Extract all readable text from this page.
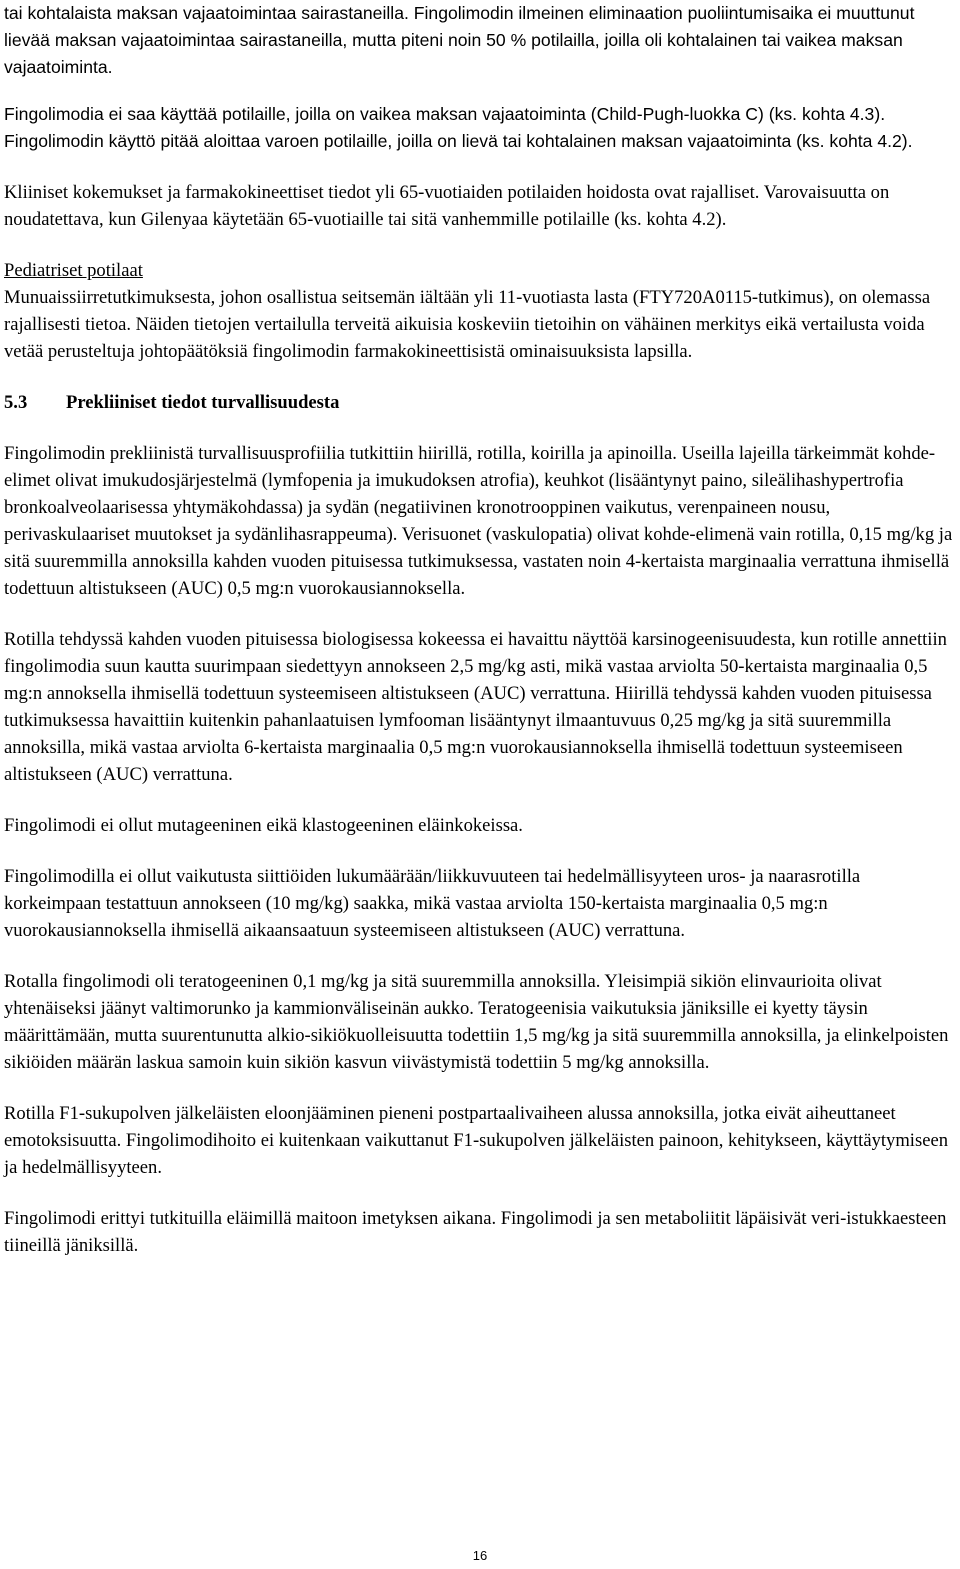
tai kohtalaista maksan vajaatoimintaa sairastaneilla. Fingolimodin ilmeinen eliminaation puoliintumisaika ei muuttunut lievää maksan vajaatoimintaa sairastaneilla, mutta piteni noin 50 % potilailla, joilla oli kohtalainen tai vaikea maksan vajaatoiminta.

Fingolimodia ei saa käyttää potilaille, joilla on vaikea maksan vajaatoiminta (Child-Pugh-luokka C) (ks. kohta 4.3). Fingolimodin käyttö pitää aloittaa varoen potilaille, joilla on lievä tai kohtalainen maksan vajaatoiminta (ks. kohta 4.2).

Kliiniset kokemukset ja farmakokineettiset tiedot yli 65-vuotiaiden potilaiden hoidosta ovat rajalliset. Varovaisuutta on noudatettava, kun Gilenyaa käytetään 65-vuotiaille tai sitä vanhemmille potilaille (ks. kohta 4.2).

Pediatriset potilaat

Munuaissiirretutkimuksesta, johon osallistua seitsemän iältään yli 11-vuotiasta lasta (FTY720A0115-tutkimus), on olemassa rajallisesti tietoa. Näiden tietojen vertailulla terveitä aikuisia koskeviin tietoihin on vähäinen merkitys eikä vertailusta voida vetää perusteltuja johtopäätöksiä fingolimodin farmakokineettisistä ominaisuuksista lapsilla.

5.3	Prekliiniset tiedot turvallisuudesta

Fingolimodin prekliinistä turvallisuusprofiilia tutkittiin hiirillä, rotilla, koirilla ja apinoilla. Useilla lajeilla tärkeimmät kohde-elimet olivat imukudosjärjestelmä (lymfopenia ja imukudoksen atrofia), keuhkot (lisääntynyt paino, sileälihashypertrofia bronkoalveolaarisessa yhtymäkohdassa) ja sydän (negatiivinen kronotrooppinen vaikutus, verenpaineen nousu, perivaskulaariset muutokset ja sydänlihasrappeuma). Verisuonet (vaskulopatia) olivat kohde-elimenä vain rotilla, 0,15 mg/kg ja sitä suuremmilla annoksilla kahden vuoden pituisessa tutkimuksessa, vastaten noin 4-kertaista marginaalia verrattuna ihmisellä todettuun altistukseen (AUC) 0,5 mg:n vuorokausiannoksella.

Rotilla tehdyssä kahden vuoden pituisessa biologisessa kokeessa ei havaittu näyttöä karsinogeenisuudesta, kun rotille annettiin fingolimodia suun kautta suurimpaan siedettyyn annokseen 2,5 mg/kg asti, mikä vastaa arviolta 50-kertaista marginaalia 0,5 mg:n annoksella ihmisellä todettuun systeemiseen altistukseen (AUC) verrattuna. Hiirillä tehdyssä kahden vuoden pituisessa tutkimuksessa havaittiin kuitenkin pahanlaatuisen lymfooman lisääntynyt ilmaantuvuus 0,25 mg/kg ja sitä suuremmilla annoksilla, mikä vastaa arviolta 6-kertaista marginaalia 0,5 mg:n vuorokausiannoksella ihmisellä todettuun systeemiseen altistukseen (AUC) verrattuna.

Fingolimodi ei ollut mutageeninen eikä klastogeeninen eläinkokeissa.

Fingolimodilla ei ollut vaikutusta siittiöiden lukumäärään/liikkuvuuteen tai hedelmällisyyteen uros- ja naarasrotilla korkeimpaan testattuun annokseen (10 mg/kg) saakka, mikä vastaa arviolta 150-kertaista marginaalia 0,5 mg:n vuorokausiannoksella ihmisellä aikaansaatuun systeemiseen altistukseen (AUC) verrattuna.

Rotalla fingolimodi oli teratogeeninen 0,1 mg/kg ja sitä suuremmilla annoksilla. Yleisimpiä sikiön elinvaurioita olivat yhtenäiseksi jäänyt valtimorunko ja kammionväliseinän aukko. Teratogeenisia vaikutuksia jäniksille ei kyetty täysin määrittämään, mutta suurentunutta alkio-sikiökuolleisuutta todettiin 1,5 mg/kg ja sitä suuremmilla annoksilla, ja elinkelpoisten sikiöiden määrän laskua samoin kuin sikiön kasvun viivästymistä todettiin 5 mg/kg annoksilla.

Rotilla F1-sukupolven jälkeläisten eloonjääminen pieneni postpartaalivaiheen alussa annoksilla, jotka eivät aiheuttaneet emotoksisuutta. Fingolimodihoito ei kuitenkaan vaikuttanut F1-sukupolven jälkeläisten painoon, kehitykseen, käyttäytymiseen ja hedelmällisyyteen.

Fingolimodi erittyi tutkituilla eläimillä maitoon imetyksen aikana. Fingolimodi ja sen metaboliitit läpäisivät veri-istukkaesteen tiineillä jäniksillä.

16
